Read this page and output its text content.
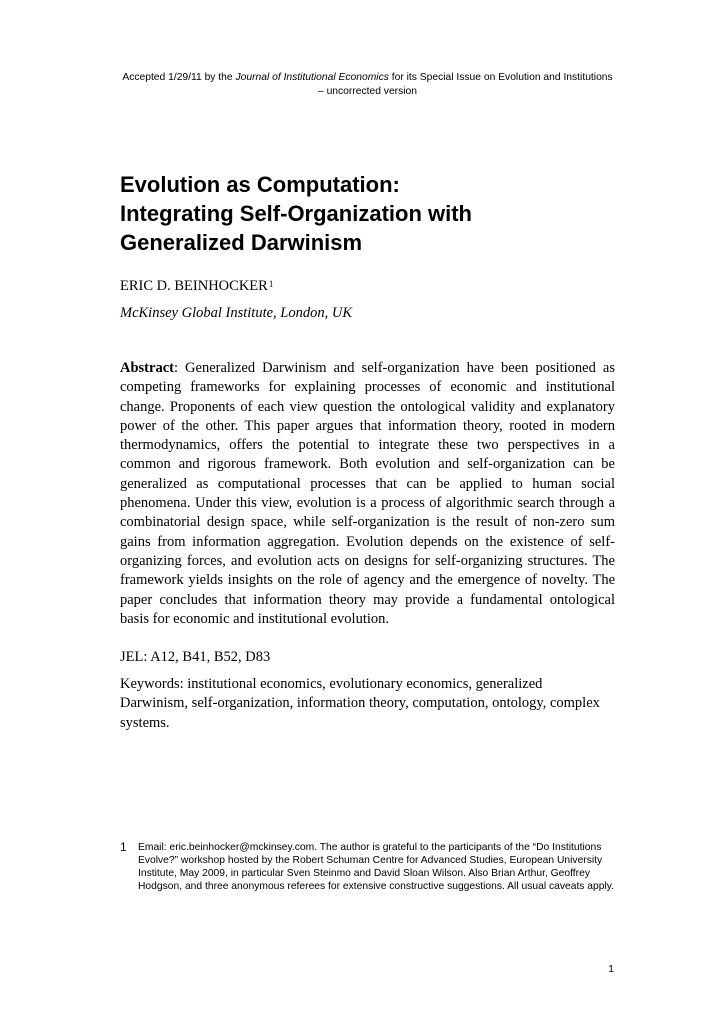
Accepted 1/29/11 by the Journal of Institutional Economics for its Special Issue on Evolution and Institutions – uncorrected version
Evolution as Computation:
Integrating Self-Organization with
Generalized Darwinism
ERIC D. BEINHOCKER$^1$
McKinsey Global Institute, London, UK

Abstract: Generalized Darwinism and self-organization have been positioned as competing frameworks for explaining processes of economic and institutional change. Proponents of each view question the ontological validity and explanatory power of the other. This paper argues that information theory, rooted in modern thermodynamics, offers the potential to integrate these two perspectives in a common and rigorous framework. Both evolution and self-organization can be generalized as computational processes that can be applied to human social phenomena. Under this view, evolution is a process of algorithmic search through a combinatorial design space, while self-organization is the result of non-zero sum gains from information aggregation. Evolution depends on the existence of self-organizing forces, and evolution acts on designs for self-organizing structures. The framework yields insights on the role of agency and the emergence of novelty. The paper concludes that information theory may provide a fundamental ontological basis for economic and institutional evolution.

JEL: A12, B41, B52, D83

Keywords: institutional economics, evolutionary economics, generalized Darwinism, self-organization, information theory, computation, ontology, complex systems.

1 Email: eric.beinhocker@mckinsey.com. The author is grateful to the participants of the “Do Institutions Evolve?” workshop hosted by the Robert Schuman Centre for Advanced Studies, European University Institute, May 2009, in particular Sven Steinmo and David Sloan Wilson. Also Brian Arthur, Geoffrey Hodgson, and three anonymous referees for extensive constructive suggestions. All usual caveats apply.
1
